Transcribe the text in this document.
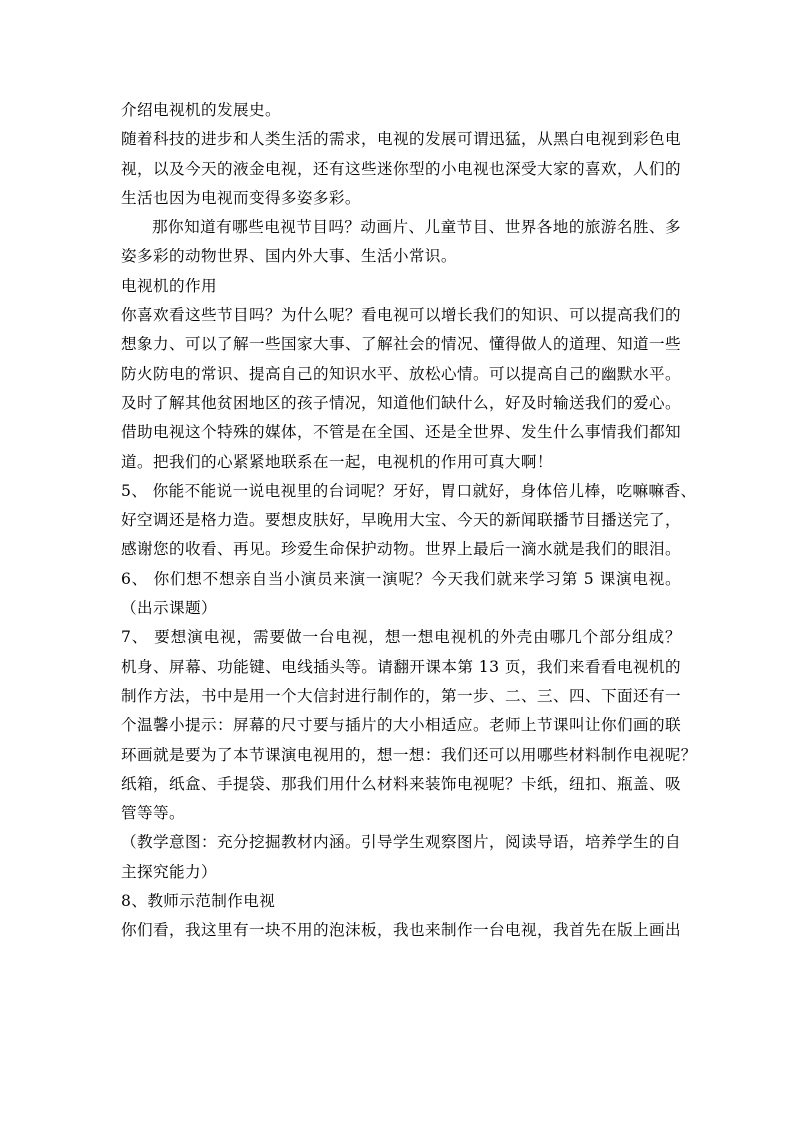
介绍电视机的发展史。
随着科技的进步和人类生活的需求，电视的发展可谓迅猛，从黑白电视到彩色电
视，以及今天的液金电视，还有这些迷你型的小电视也深受大家的喜欢，人们的
生活也因为电视而变得多姿多彩。
那你知道有哪些电视节目吗？动画片、儿童节目、世界各地的旅游名胜、多
姿多彩的动物世界、国内外大事、生活小常识。
电视机的作用
你喜欢看这些节目吗？为什么呢？看电视可以增长我们的知识、可以提高我们的
想象力、可以了解一些国家大事、了解社会的情况、懂得做人的道理、知道一些
防火防电的常识、提高自己的知识水平、放松心情。可以提高自己的幽默水平。
及时了解其他贫困地区的孩子情况，知道他们缺什么，好及时输送我们的爱心。
借助电视这个特殊的媒体，不管是在全国、还是全世界、发生什么事情我们都知
道。把我们的心紧紧地联系在一起，电视机的作用可真大啊！
5、 你能不能说一说电视里的台词呢？牙好，胃口就好，身体倍儿棒，吃嘛嘛香、
好空调还是格力造。要想皮肤好，早晚用大宝、今天的新闻联播节目播送完了，
感谢您的收看、再见。珍爱生命保护动物。世界上最后一滴水就是我们的眼泪。
6、 你们想不想亲自当小演员来演一演呢？今天我们就来学习第 5 课演电视。
（出示课题）
7、 要想演电视，需要做一台电视，想一想电视机的外壳由哪几个部分组成？
机身、屏幕、功能键、电线插头等。请翻开课本第 13 页，我们来看看电视机的
制作方法，书中是用一个大信封进行制作的，第一步、二、三、四、下面还有一
个温馨小提示：屏幕的尺寸要与插片的大小相适应。老师上节课叫让你们画的联
环画就是要为了本节课演电视用的，想一想：我们还可以用哪些材料制作电视呢？
纸箱，纸盒、手提袋、那我们用什么材料来装饰电视呢？卡纸，纽扣、瓶盖、吸
管等等。
（教学意图：充分挖掘教材内涵。引导学生观察图片，阅读导语，培养学生的自
主探究能力）
8、教师示范制作电视
你们看，我这里有一块不用的泡沫板，我也来制作一台电视，我首先在版上画出
